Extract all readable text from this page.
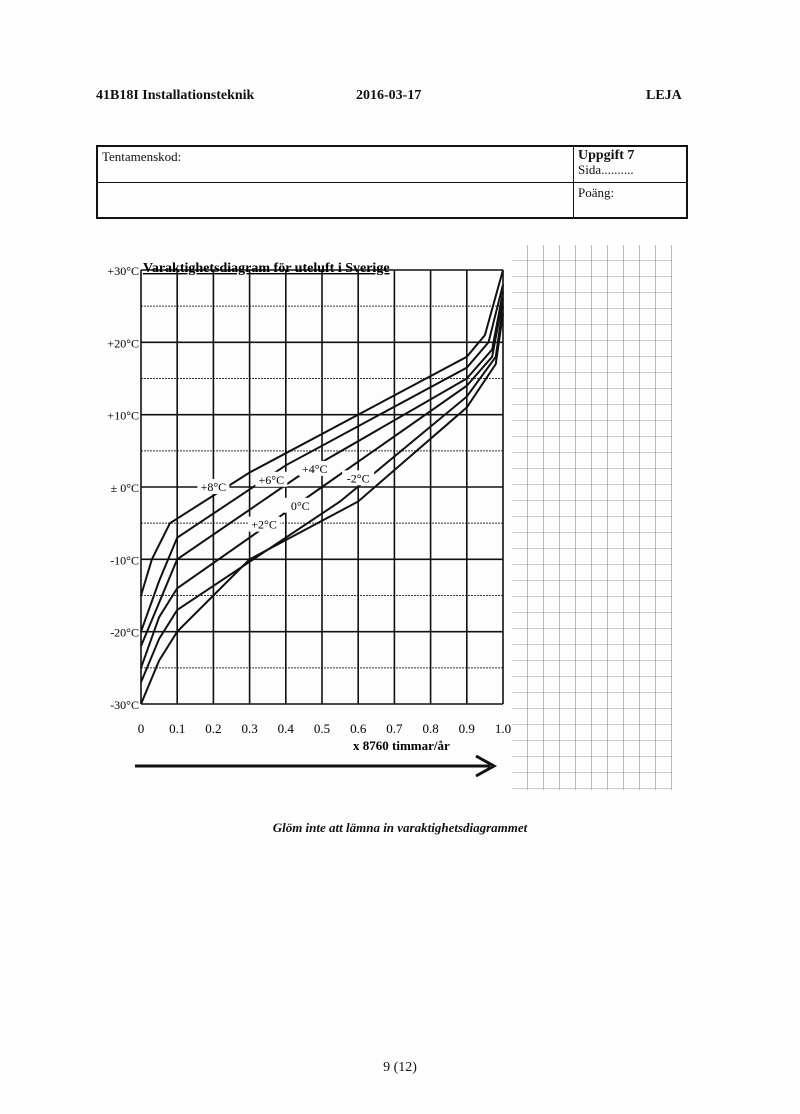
41B18I Installationsteknik	2016-03-17	LEJA
Tentamenskod:	Uppgift 7
Sida..........

	Poäng:
+30°C
+20°C
+10°C
± 0°C
-10°C
-20°C
-30°C
0 0.1 0.2 0.3 0.4 0.5 0.6 0.7 0.8 0.9 1.0
+8°C
+6°C
+4°C
+2°C
0°C
-2°C
Varaktighetsdiagram för uteluft i Sverige
x 8760 timmar/år
Glöm inte att lämna in varaktighetsdiagrammet
9 (12)
